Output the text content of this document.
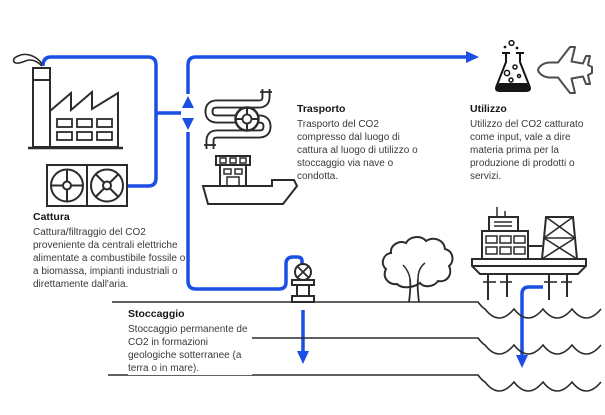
Cattura

Cattura/filtraggio del CO2 proveniente da centrali elettriche alimentate a combustibile fossile o a biomassa, impianti industriali o direttamente dall'aria.

Trasporto

Trasporto del CO2 compresso dal luogo di cattura al luogo di utilizzo o stoccaggio via nave o condotta.

Utilizzo

Utilizzo del CO2 catturato come input, vale a dire materia prima per la produzione di prodotti o servizi.

Stoccaggio

Stoccaggio permanente de CO2 in formazioni geologiche sotterranee (a terra o in mare).
